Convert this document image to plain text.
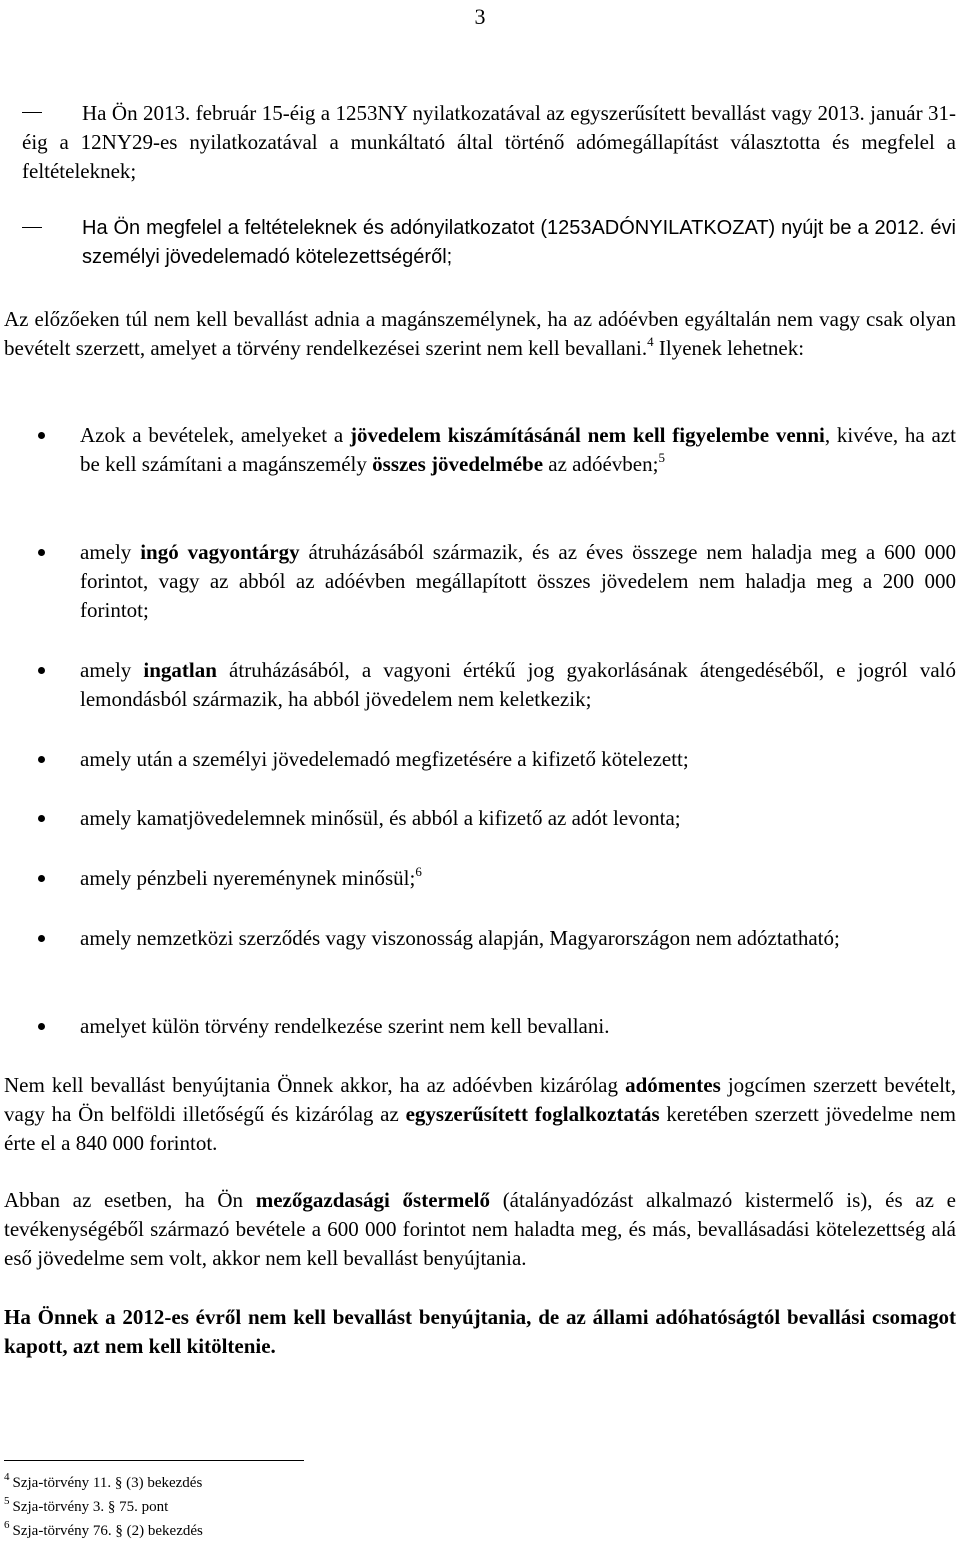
3
Ha Ön 2013. február 15-éig a 1253NY nyilatkozatával az egyszerűsített bevallást vagy 2013. január 31-éig a 12NY29-es nyilatkozatával a munkáltató által történő adómegállapítást választotta és megfelel a feltételeknek;
Ha Ön megfelel a feltételeknek és adónyilatkozatot (1253ADÓNYILATKOZAT) nyújt be a 2012. évi személyi jövedelemadó kötelezettségéről;
Az előzőeken túl nem kell bevallást adnia a magánszemélynek, ha az adóévben egyáltalán nem vagy csak olyan bevételt szerzett, amelyet a törvény rendelkezései szerint nem kell bevallani.$^4$ Ilyenek lehetnek:
Azok a bevételek, amelyeket a jövedelem kiszámításánál nem kell figyelembe venni, kivéve, ha azt be kell számítani a magánszemély összes jövedelmébe az adóévben;$^5$
amely ingó vagyontárgy átruházásából származik, és az éves összege nem haladja meg a 600 000 forintot, vagy az abból az adóévben megállapított összes jövedelem nem haladja meg a 200 000 forintot;
amely ingatlan átruházásából, a vagyoni értékű jog gyakorlásának átengedéséből, e jogról való lemondásból származik, ha abból jövedelem nem keletkezik;
amely után a személyi jövedelemadó megfizetésére a kifizető kötelezett;
amely kamatjövedelemnek minősül, és abból a kifizető az adót levonta;
amely pénzbeli nyereménynek minősül;$^6$
amely nemzetközi szerződés vagy viszonosság alapján, Magyarországon nem adóztatható;
amelyet külön törvény rendelkezése szerint nem kell bevallani.
Nem kell bevallást benyújtania Önnek akkor, ha az adóévben kizárólag adómentes jogcímen szerzett bevételt, vagy ha Ön belföldi illetőségű és kizárólag az egyszerűsített foglalkoztatás keretében szerzett jövedelme nem érte el a 840 000 forintot.
Abban az esetben, ha Ön mezőgazdasági őstermelő (átalányadózást alkalmazó kistermelő is), és az e tevékenységéből származó bevétele a 600 000 forintot nem haladta meg, és más, bevallásadási kötelezettség alá eső jövedelme sem volt, akkor nem kell bevallást benyújtania.
Ha Önnek a 2012-es évről nem kell bevallást benyújtania, de az állami adóhatóságtól bevallási csomagot kapott, azt nem kell kitöltenie.
$^4$ Szja-törvény 11. § (3) bekezdés
$^5$ Szja-törvény 3. § 75. pont
$^6$ Szja-törvény 76. § (2) bekezdés
